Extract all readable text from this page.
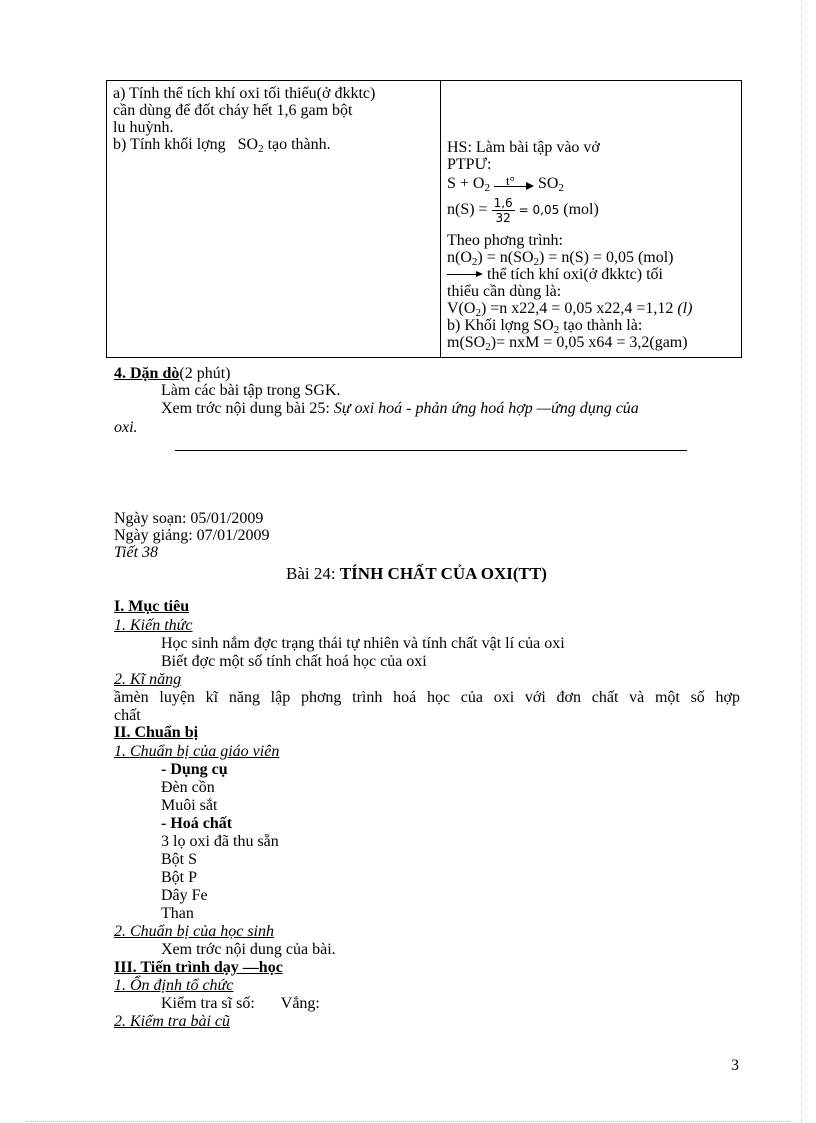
a) Tính thể tích khí oxi tối thiểu(ở đkktc)
cần dùng để đốt cháy hết 1,6 gam bột
lu huỳnh.
b) Tính khối lợng   $SO_2$ tạo thành.	HS: Làm bài tập vào vở
PTPƯ:
$S + O_2$ t° $SO_2$
$n(S) = \frac{1,6}{32} = 0,05$ (mol)
Theo phơng trình:
$n(O_2) = n(SO_2) = n(S) = 0,05$ (mol)
thể tích khí oxi(ở đkktc) tối
thiểu cần dùng là:
$V(O_2) =n$ x22,4 = 0,05 x22,4 =1,12 (l)
b) Khối lợng $SO_2$ tạo thành là:
$m(SO_2)=$ nxM = 0,05 x64 = 3,2(gam)
4. Dặn dò(2 phút)
Làm các bài tập trong SGK.
Xem trớc nội dung bài 25: Sự oxi hoá - phản ứng hoá hợp —ứng dụng của
oxi.
Ngày soạn: 05/01/2009
Ngày giảng: 07/01/2009
Tiết 38
Bài 24: TÍNH CHẤT CỦA OXI(TT)
I. Mục tiêu
1. Kiến thức
Học sinh nắm đợc trạng thái tự nhiên và tính chất vật lí của oxi
Biết đợc một số tính chất hoá học của oxi
2. Kĩ năng
ầmèn luyện kĩ năng lập phơng trình hoá học của oxi với đơn chất và một số hợp
chất
II. Chuẩn bị
1. Chuẩn bị của giáo viên
- Dụng cụ
Đèn cồn
Muôi sắt
- Hoá chất
3 lọ oxi đã thu sẵn
Bột S
Bột P
Dây Fe
Than
2. Chuẩn bị của học sinh
Xem trớc nội dung của bài.
III. Tiến trình dạy —học
1. Ổn định tổ chức
Kiểm tra sĩ số: Vắng:
2. Kiểm tra bài cũ
3
